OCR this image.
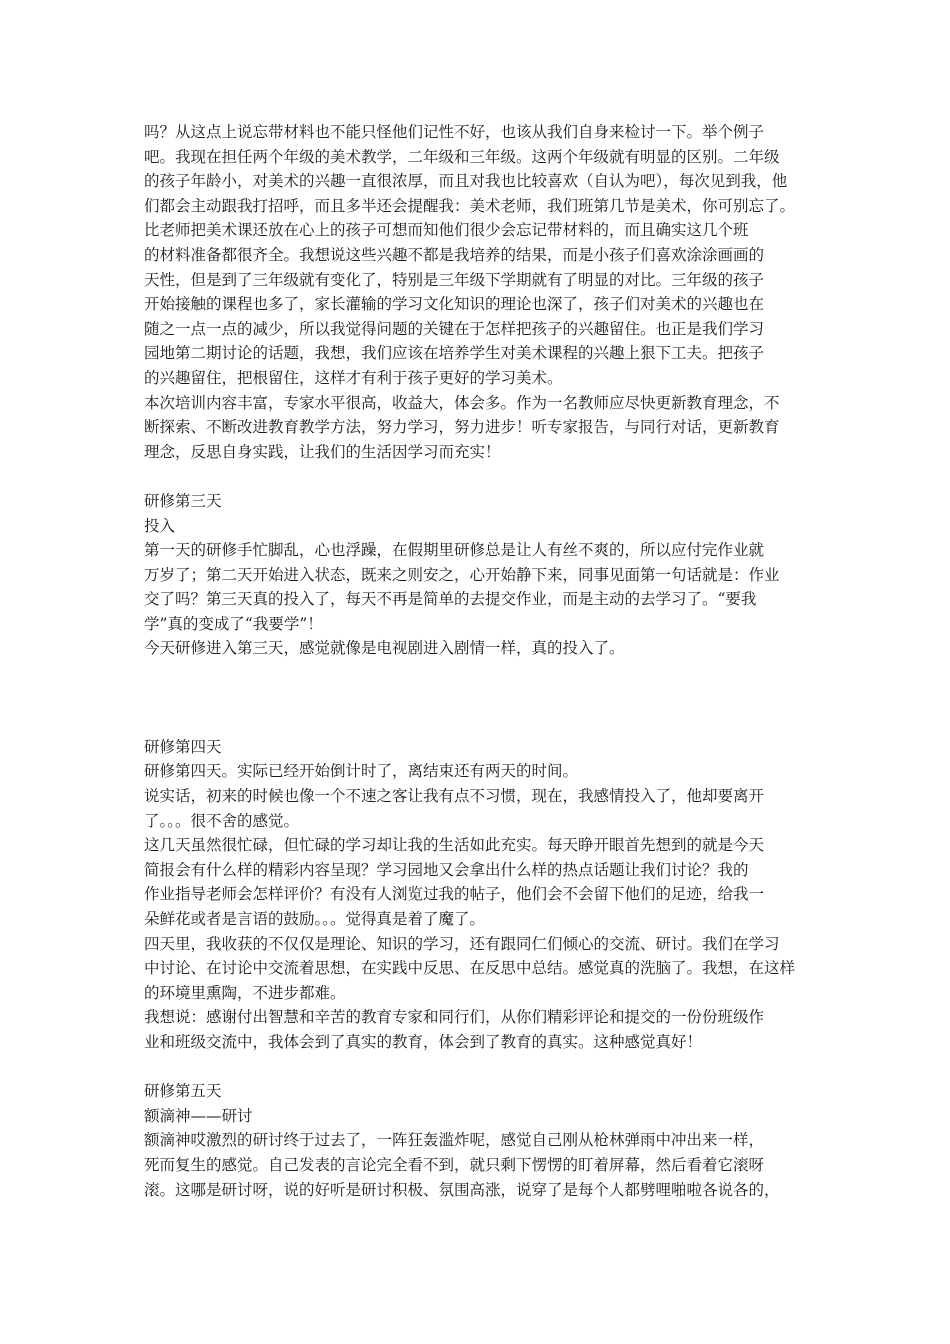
吗？从这点上说忘带材料也不能只怪他们记性不好，也该从我们自身来检讨一下。举个例子
吧。我现在担任两个年级的美术教学，二年级和三年级。这两个年级就有明显的区别。二年级
的孩子年龄小，对美术的兴趣一直很浓厚，而且对我也比较喜欢（自认为吧），每次见到我，他
们都会主动跟我打招呼，而且多半还会提醒我：美术老师，我们班第几节是美术，你可别忘了。
比老师把美术课还放在心上的孩子可想而知他们很少会忘记带材料的，而且确实这几个班
的材料准备都很齐全。我想说这些兴趣不都是我培养的结果，而是小孩子们喜欢涂涂画画的
天性，但是到了三年级就有变化了，特别是三年级下学期就有了明显的对比。三年级的孩子
开始接触的课程也多了，家长灌输的学习文化知识的理论也深了，孩子们对美术的兴趣也在
随之一点一点的减少，所以我觉得问题的关键在于怎样把孩子的兴趣留住。也正是我们学习
园地第二期讨论的话题，我想，我们应该在培养学生对美术课程的兴趣上狠下工夫。把孩子
的兴趣留住，把根留住，这样才有利于孩子更好的学习美术。
本次培训内容丰富，专家水平很高，收益大，体会多。作为一名教师应尽快更新教育理念，不
断探索、不断改进教育教学方法，努力学习，努力进步！听专家报告，与同行对话，更新教育
理念，反思自身实践，让我们的生活因学习而充实！
研修第三天
投入
第一天的研修手忙脚乱，心也浮躁，在假期里研修总是让人有丝不爽的，所以应付完作业就
万岁了；第二天开始进入状态，既来之则安之，心开始静下来，同事见面第一句话就是：作业
交了吗？第三天真的投入了，每天不再是简单的去提交作业，而是主动的去学习了。“要我
学”真的变成了“我要学”！
今天研修进入第三天，感觉就像是电视剧进入剧情一样，真的投入了。
研修第四天
研修第四天。实际已经开始倒计时了，离结束还有两天的时间。
说实话，初来的时候也像一个不速之客让我有点不习惯，现在，我感情投入了，他却要离开
了。。。很不舍的感觉。
这几天虽然很忙碌，但忙碌的学习却让我的生活如此充实。每天睁开眼首先想到的就是今天
简报会有什么样的精彩内容呈现？学习园地又会拿出什么样的热点话题让我们讨论？我的
作业指导老师会怎样评价？有没有人浏览过我的帖子，他们会不会留下他们的足迹，给我一
朵鲜花或者是言语的鼓励。。。觉得真是着了魔了。
四天里，我收获的不仅仅是理论、知识的学习，还有跟同仁们倾心的交流、研讨。我们在学习
中讨论、在讨论中交流着思想，在实践中反思、在反思中总结。感觉真的洗脑了。我想，在这样
的环境里熏陶，不进步都难。
我想说：感谢付出智慧和辛苦的教育专家和同行们，从你们精彩评论和提交的一份份班级作
业和班级交流中，我体会到了真实的教育，体会到了教育的真实。这种感觉真好！
研修第五天
额滴神——研讨
额滴神哎激烈的研讨终于过去了，一阵狂轰滥炸呢，感觉自己刚从枪林弹雨中冲出来一样，
死而复生的感觉。自己发表的言论完全看不到，就只剩下愣愣的盯着屏幕，然后看着它滚呀
滚。这哪是研讨呀，说的好听是研讨积极、氛围高涨，说穿了是每个人都劈哩啪啦各说各的，
